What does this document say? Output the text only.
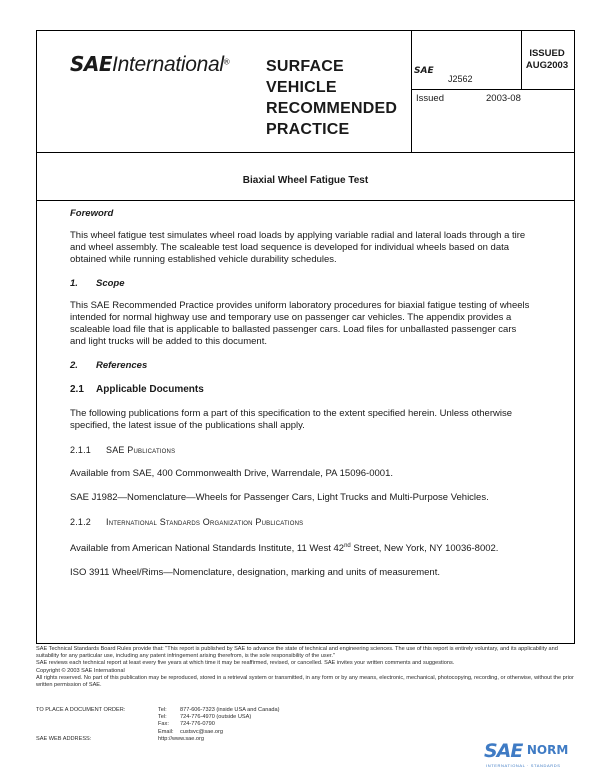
SAEInternational® SURFACE
VEHICLE
RECOMMENDED
PRACTICE
SAE
J2562
ISSUED
AUG2003
Issued	2003-08
Biaxial Wheel Fatigue Test

Foreword

This wheel fatigue test simulates wheel road loads by applying variable radial and lateral loads through a tire and wheel assembly. The scaleable test load sequence is developed for individual wheels based on data obtained while running established vehicle durability schedules.

1. Scope

This SAE Recommended Practice provides uniform laboratory procedures for biaxial fatigue testing of wheels intended for normal highway use and temporary use on passenger car vehicles. The appendix provides a scaleable load file that is applicable to ballasted passenger cars. Load files for unballasted passenger cars and light trucks will be added to this document.

2. References

2.1 Applicable Documents

The following publications form a part of this specification to the extent specified herein. Unless otherwise specified, the latest issue of the publications shall apply.

2.1.1 SAE Publications

Available from SAE, 400 Commonwealth Drive, Warrendale, PA 15096-0001.

SAE J1982—Nomenclature—Wheels for Passenger Cars, Light Trucks and Multi-Purpose Vehicles.

2.1.2 International Standards Organization Publications

Available from American National Standards Institute, 11 West 42nd Street, New York, NY 10036-8002.

ISO 3911 Wheel/Rims—Nomenclature, designation, marking and units of measurement.

SAE Technical Standards Board Rules provide that: "This report is published by SAE to advance the state of technical and engineering sciences. The use of this report is entirely voluntary, and its applicability and suitability for any particular use, including any patent infringement arising therefrom, is the sole responsibility of the user."

SAE reviews each technical report at least every five years at which time it may be reaffirmed, revised, or cancelled. SAE invites your written comments and suggestions.

Copyright © 2003 SAE International

All rights reserved. No part of this publication may be reproduced, stored in a retrieval system or transmitted, in any form or by any means, electronic, mechanical, photocopying, recording, or otherwise, without the prior written permission of SAE.

TO PLACE A DOCUMENT ORDER:	Tel: 877-606-7323 (inside USA and Canada)
Tel: 724-776-4970 (outside USA)
Fax: 724-776-0790
Email: custsvc@sae.org
SAE WEB ADDRESS:	http://www.sae.org
SAE NORM
INTERNATIONAL · STANDARDS
